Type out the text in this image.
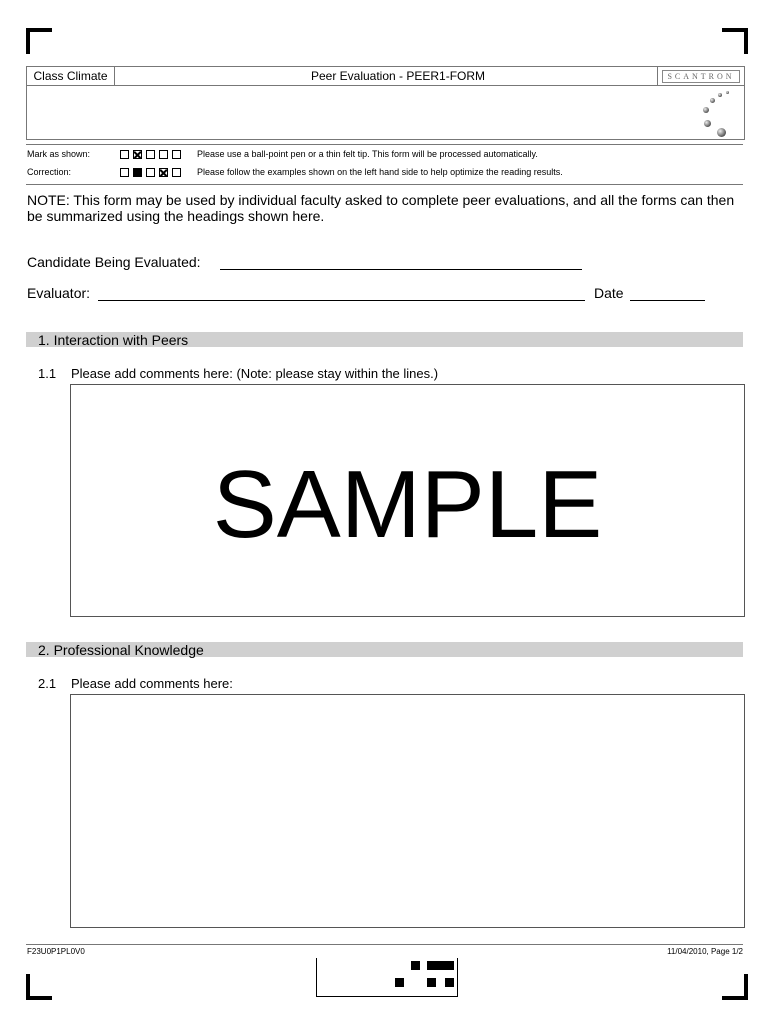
Class Climate	Peer Evaluation - PEER1-FORM	SCANTRON
Mark as shown:	Please use a ball-point pen or a thin felt tip. This form will be processed automatically.
Correction:	Please follow the examples shown on the left hand side to help optimize the reading results.
NOTE: This form may be used by individual faculty asked to complete peer evaluations, and all the forms can then be summarized using the headings shown here.
Candidate Being Evaluated:
Evaluator:	Date
1. Interaction with Peers
1.1 Please add comments here: (Note: please stay within the lines.)
SAMPLE
2. Professional Knowledge
2.1 Please add comments here:
F23U0P1PL0V0	11/04/2010, Page 1/2
